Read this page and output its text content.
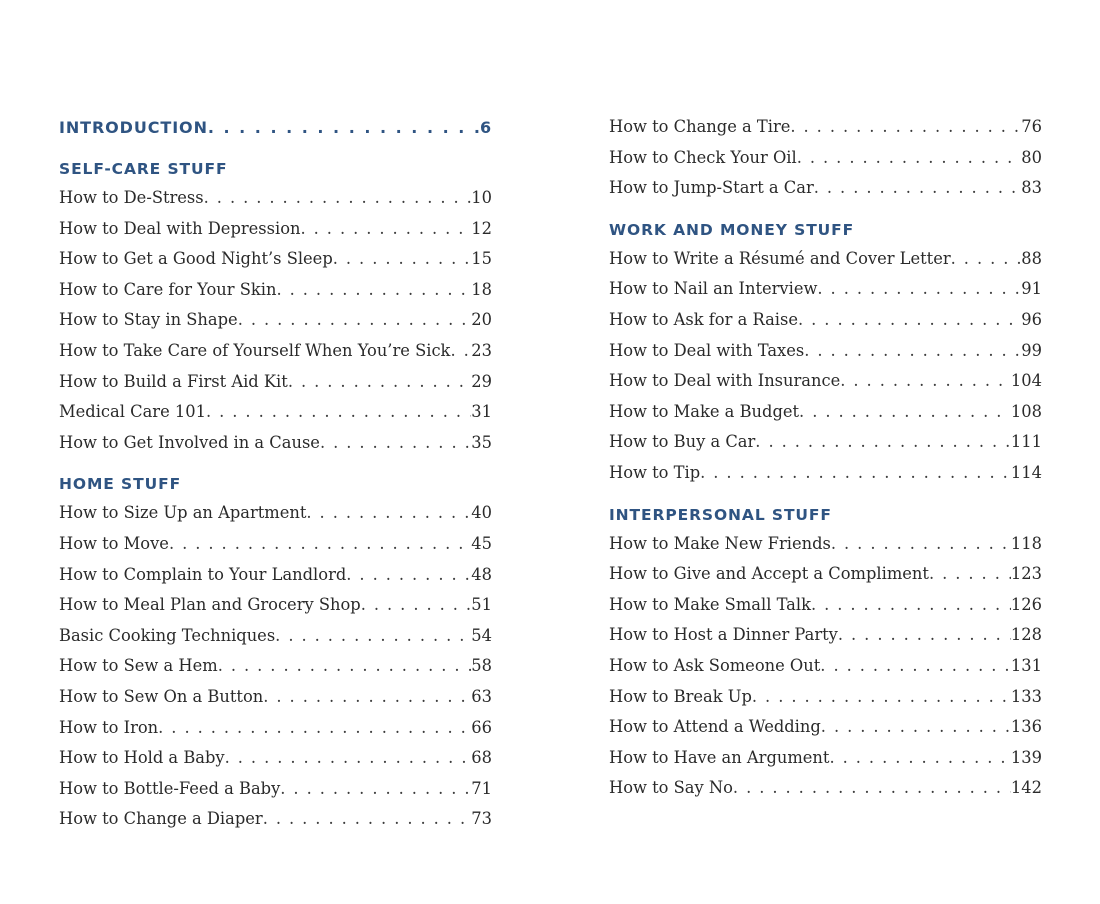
INTRODUCTION . . .	6
SELF-CARE STUFF
How to De-Stress . . .	10
How to Deal with Depression . . .	12
How to Get a Good Night’s Sleep . . .	15
How to Care for Your Skin . . .	18
How to Stay in Shape . . .	20
How to Take Care of Yourself When You’re Sick . . . 23
How to Build a First Aid Kit . . .	29
Medical Care 101 . . .	31
How to Get Involved in a Cause . . .	35
HOME STUFF
How to Size Up an Apartment . . .	40
How to Move . . .	45
How to Complain to Your Landlord . . .	48
How to Meal Plan and Grocery Shop . . .	51
Basic Cooking Techniques . . .	54
How to Sew a Hem . . .	58
How to Sew On a Button . . .	63
How to Iron . . .	66
How to Hold a Baby . . .	68
How to Bottle-Feed a Baby . . .	71
How to Change a Diaper . . .	73
How to Change a Tire . . .	76
How to Check Your Oil . . .	80
How to Jump-Start a Car . . .	83
WORK AND MONEY STUFF
How to Write a Résumé and Cover Letter . . .	88
How to Nail an Interview . . .	91
How to Ask for a Raise . . .	96
How to Deal with Taxes . . .	99
How to Deal with Insurance . . .	104
How to Make a Budget . . .	108
How to Buy a Car . . .	111
How to Tip . . .	114
INTERPERSONAL STUFF
How to Make New Friends . . .	118
How to Give and Accept a Compliment . . .	123
How to Make Small Talk . . .	126
How to Host a Dinner Party . . .	128
How to Ask Someone Out . . .	131
How to Break Up . . .	133
How to Attend a Wedding . . .	136
How to Have an Argument . . .	139
How to Say No . . .	142
